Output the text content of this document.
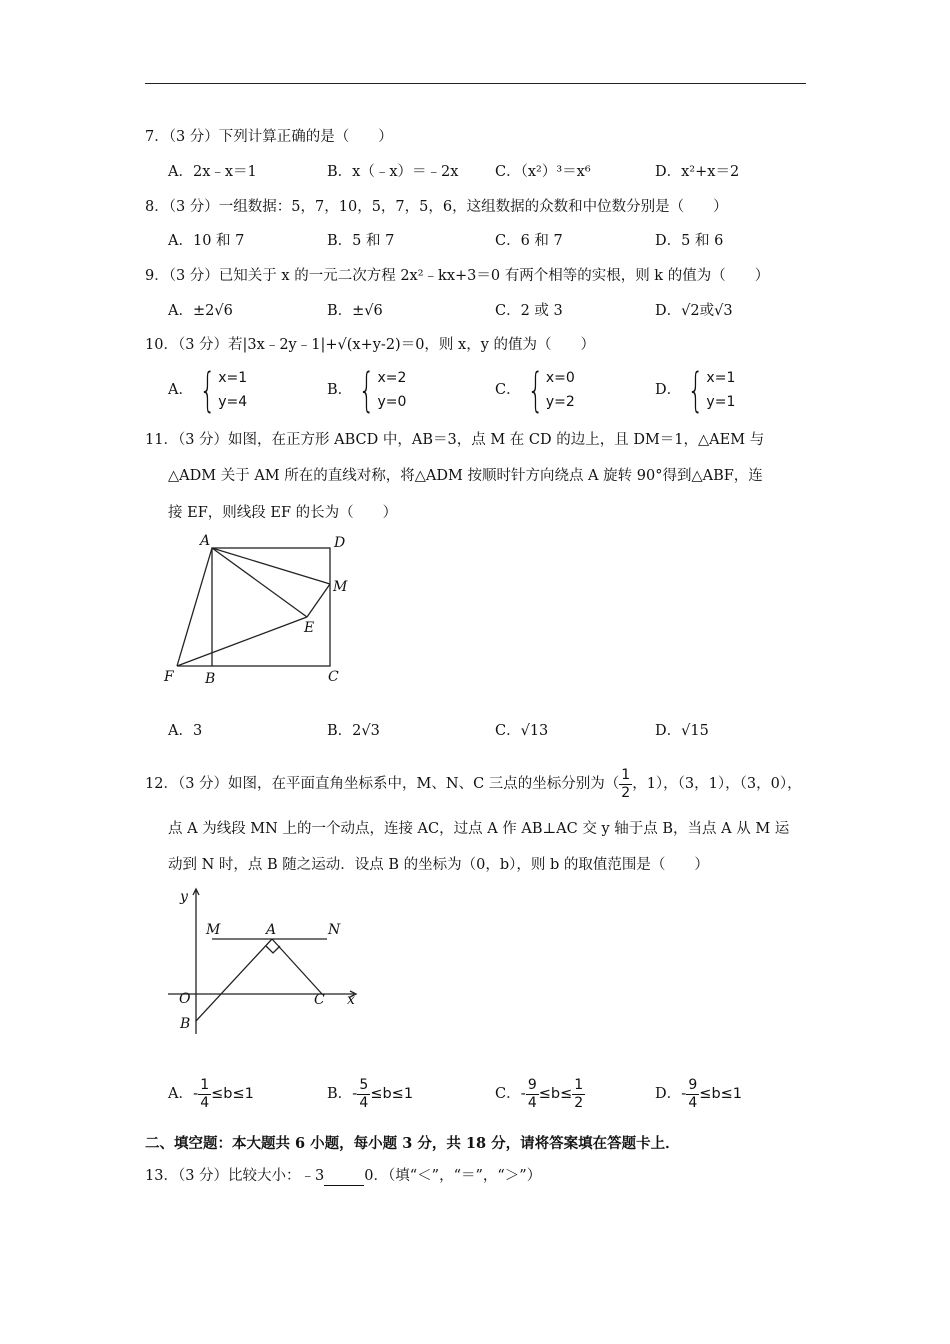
7．（3 分）下列计算正确的是（　　）
A．2x﹣x＝1	B．x（﹣x）＝﹣2x	C．（x²）³＝x⁶	D．x²+x＝2
8．（3 分）一组数据：5，7，10，5，7，5，6，这组数据的众数和中位数分别是（　　）
A．10 和 7	B．5 和 7	C．6 和 7	D．5 和 6
9．（3 分）已知关于 x 的一元二次方程 2x²﹣kx+3＝0 有两个相等的实根，则 k 的值为（　　）
A．±2√6	B．±√6	C．2 或 3	D．√2或√3
10．（3 分）若|3x﹣2y﹣1|+√(x+y-2)＝0，则 x，y 的值为（　　）
A． { x=1
y=4
B． { x=2
y=0
C． { x=0
y=2
D． { x=1
y=1
11．（3 分）如图，在正方形 ABCD 中，AB＝3，点 M 在 CD 的边上，且 DM＝1，△AEM 与
△ADM 关于 AM 所在的直线对称，将△ADM 按顺时针方向绕点 A 旋转 90°得到△ABF，连
接 EF，则线段 EF 的长为（　　）
A	D
M
E
F B	C
A．3	B．2√3	C．√13	D．√15
12．（3 分）如图，在平面直角坐标系中，M、N、C 三点的坐标分别为（ $\frac{1}{2}$ ，1），（3，1），（3，0），
点 A 为线段 MN 上的一个动点，连接 AC，过点 A 作 AB⊥AC 交 y 轴于点 B，当点 A 从 M 运
动到 N 时，点 B 随之运动．设点 B 的坐标为（0，b），则 b 的取值范围是（　　）
y
M	A	N
O	C x
B
A．- $\frac{1}{4} \le b\le 1$	B．- $\frac{5}{4} \le b\le 1$	C．- $\frac{9}{4} \le b\le \frac{1}{2}$	D．- $\frac{9}{4} \le b\le 1$
二、填空题：本大题共 6 小题，每小题 3 分，共 18 分，请将答案填在答题卡上．
13．（3 分）比较大小：﹣3	0．（填“＜”，“＝”，“＞”）
